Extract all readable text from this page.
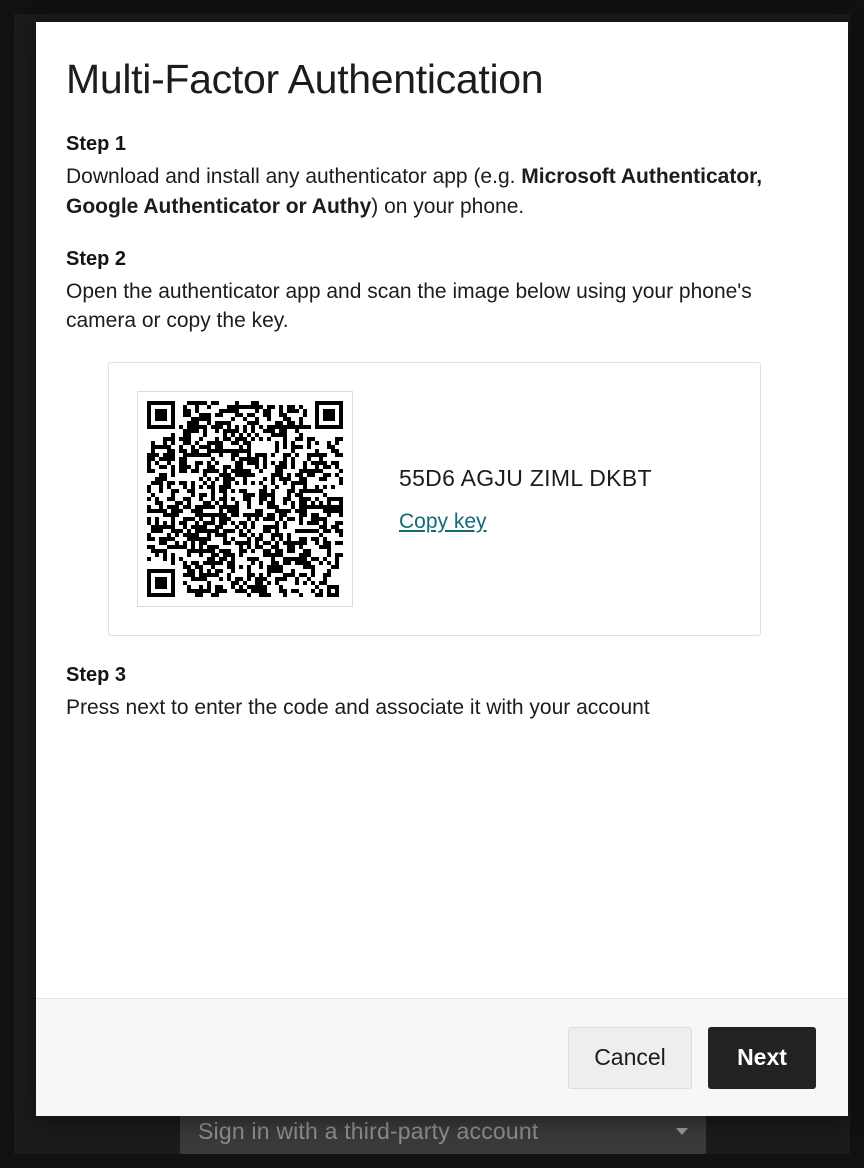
Sign in with a third-party account
Multi-Factor Authentication
Step 1

Download and install any authenticator app (e.g. Microsoft Authenticator, Google Authenticator or Authy) on your phone.

Step 2

Open the authenticator app and scan the image below using your phone's camera or copy the key.

55D6 AGJU ZIML DKBT
Copy key
Step 3

Press next to enter the code and associate it with your account

Cancel	Next
